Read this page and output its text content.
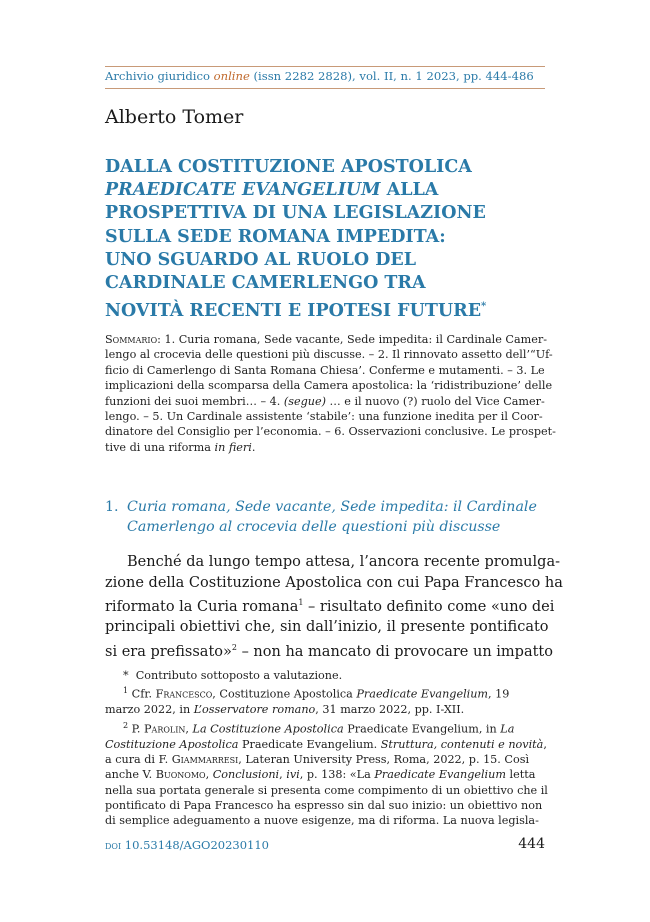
Archivio giuridico online (issn 2282 2828), vol. II, n. 1 2023, pp. 444-486
Alberto Tomer
DALLA COSTITUZIONE APOSTOLICA
PRAEDICATE EVANGELIUM ALLA
PROSPETTIVA DI UNA LEGISLAZIONE
SULLA SEDE ROMANA IMPEDITA:
UNO SGUARDO AL RUOLO DEL
CARDINALE CAMERLENGO TRA
NOVITÀ RECENTI E IPOTESI FUTURE*
Sommario: 1. Curia romana, Sede vacante, Sede impedita: il Cardinale Camer-
lengo al crocevia delle questioni più discusse. – 2. Il rinnovato assetto dell’“Uf-
ficio di Camerlengo di Santa Romana Chiesa’. Conferme e mutamenti. – 3. Le
implicazioni della scomparsa della Camera apostolica: la ‘ridistribuzione’ delle
funzioni dei suoi membri… – 4. (segue) … e il nuovo (?) ruolo del Vice Camer-
lengo. – 5. Un Cardinale assistente ‘stabile’: una funzione inedita per il Coor-
dinatore del Consiglio per l’economia. – 6. Osservazioni conclusive. Le prospet-
tive di una riforma in fieri.
1. Curia romana, Sede vacante, Sede impedita: il Cardinale
Camerlengo al crocevia delle questioni più discusse
Benché da lungo tempo attesa, l’ancora recente promulga-
zione della Costituzione Apostolica con cui Papa Francesco ha
riformato la Curia romana$^1$ – risultato definito come «uno dei
principali obiettivi che, sin dall’inizio, il presente pontificato
si era prefissato»$^2$ – non ha mancato di provocare un impatto
*  Contributo sottoposto a valutazione.
$^1$ Cfr. Francesco, Costituzione Apostolica Praedicate Evangelium, 19
marzo 2022, in L’osservatore romano, 31 marzo 2022, pp. I-XII.
$^2$ P. Parolin, La Costituzione Apostolica Praedicate Evangelium, in La
Costituzione Apostolica Praedicate Evangelium. Struttura, contenuti e novità,
a cura di F. Giammarresi, Lateran University Press, Roma, 2022, p. 15. Così
anche V. Buonomo, Conclusioni, ivi, p. 138: «La Praedicate Evangelium letta
nella sua portata generale si presenta come compimento di un obiettivo che il
pontificato di Papa Francesco ha espresso sin dal suo inizio: un obiettivo non
di semplice adeguamento a nuove esigenze, ma di riforma. La nuova legisla-
doi 10.53148/AGO20230110	444
